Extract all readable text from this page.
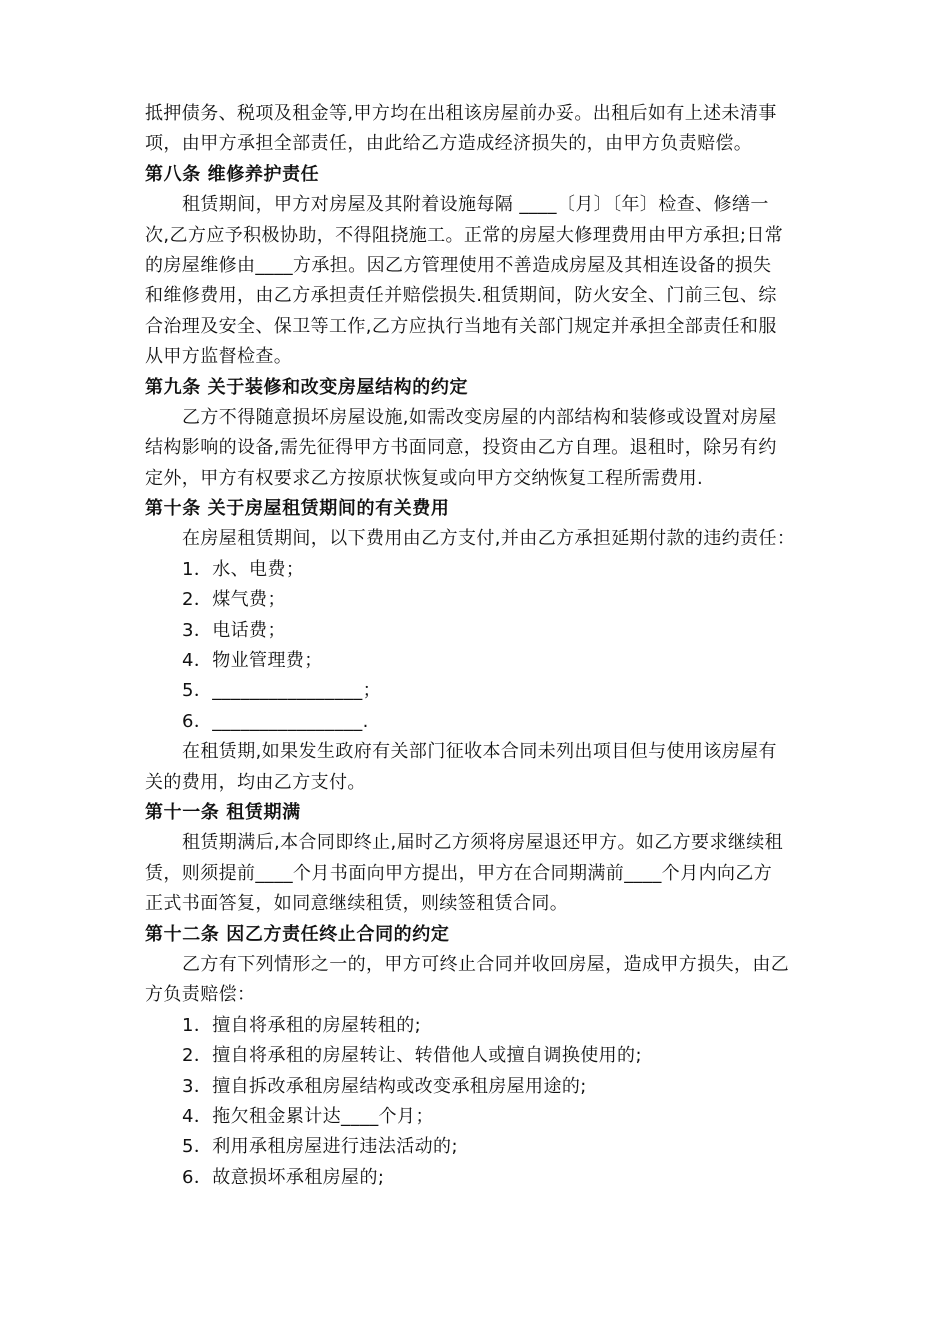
抵押债务、税项及租金等,甲方均在出租该房屋前办妥。出租后如有上述未清事
项，由甲方承担全部责任，由此给乙方造成经济损失的，由甲方负责赔偿。
第八条 维修养护责任
租赁期间，甲方对房屋及其附着设施每隔 ____〔月〕〔年〕检查、修缮一
次,乙方应予积极协助，不得阻挠施工。正常的房屋大修理费用由甲方承担;日常
的房屋维修由____方承担。因乙方管理使用不善造成房屋及其相连设备的损失
和维修费用，由乙方承担责任并赔偿损失.租赁期间，防火安全、门前三包、综
合治理及安全、保卫等工作,乙方应执行当地有关部门规定并承担全部责任和服
从甲方监督检查。
第九条 关于装修和改变房屋结构的约定
乙方不得随意损坏房屋设施,如需改变房屋的内部结构和装修或设置对房屋
结构影响的设备,需先征得甲方书面同意，投资由乙方自理。退租时，除另有约
定外，甲方有权要求乙方按原状恢复或向甲方交纳恢复工程所需费用.
第十条 关于房屋租赁期间的有关费用
在房屋租赁期间，以下费用由乙方支付,并由乙方承担延期付款的违约责任：
1．水、电费；
2．煤气费；
3．电话费；
4．物业管理费；
5．________________；
6．________________.
在租赁期,如果发生政府有关部门征收本合同未列出项目但与使用该房屋有
关的费用，均由乙方支付。
第十一条 租赁期满
租赁期满后,本合同即终止,届时乙方须将房屋退还甲方。如乙方要求继续租
赁，则须提前____个月书面向甲方提出，甲方在合同期满前____个月内向乙方
正式书面答复，如同意继续租赁，则续签租赁合同。
第十二条 因乙方责任终止合同的约定
乙方有下列情形之一的，甲方可终止合同并收回房屋，造成甲方损失，由乙
方负责赔偿：
1．擅自将承租的房屋转租的;
2．擅自将承租的房屋转让、转借他人或擅自调换使用的;
3．擅自拆改承租房屋结构或改变承租房屋用途的;
4．拖欠租金累计达____个月；
5．利用承租房屋进行违法活动的;
6．故意损坏承租房屋的;
